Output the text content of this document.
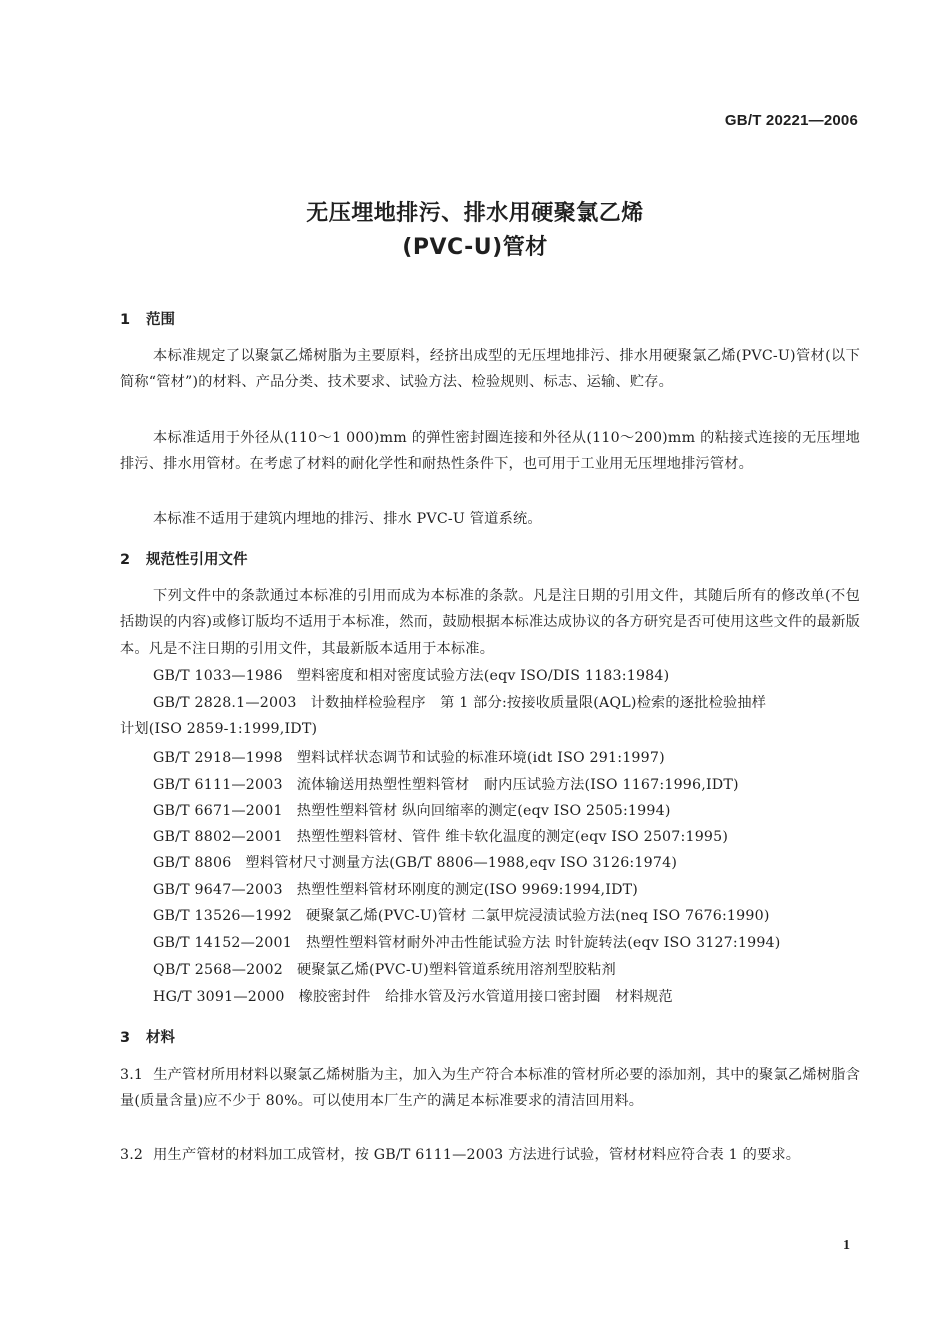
GB/T 20221—2006
无压埋地排污、排水用硬聚氯乙烯
(PVC-U)管材
1 范围
本标准规定了以聚氯乙烯树脂为主要原料，经挤出成型的无压埋地排污、排水用硬聚氯乙烯(PVC-U)管材(以下简称“管材”)的材料、产品分类、技术要求、试验方法、检验规则、标志、运输、贮存。
本标准适用于外径从(110～1 000)mm 的弹性密封圈连接和外径从(110～200)mm 的粘接式连接的无压埋地排污、排水用管材。在考虑了材料的耐化学性和耐热性条件下，也可用于工业用无压埋地排污管材。
本标准不适用于建筑内埋地的排污、排水 PVC-U 管道系统。
2 规范性引用文件
下列文件中的条款通过本标准的引用而成为本标准的条款。凡是注日期的引用文件，其随后所有的修改单(不包括勘误的内容)或修订版均不适用于本标准，然而，鼓励根据本标准达成协议的各方研究是否可使用这些文件的最新版本。凡是不注日期的引用文件，其最新版本适用于本标准。
GB/T 1033—1986 塑料密度和相对密度试验方法(eqv ISO/DIS 1183:1984)
GB/T 2828.1—2003 计数抽样检验程序　第 1 部分:按接收质量限(AQL)检索的逐批检验抽样
计划(ISO 2859-1:1999,IDT)
GB/T 2918—1998 塑料试样状态调节和试验的标准环境(idt ISO 291:1997)
GB/T 6111—2003 流体输送用热塑性塑料管材　耐内压试验方法(ISO 1167:1996,IDT)
GB/T 6671—2001 热塑性塑料管材 纵向回缩率的测定(eqv ISO 2505:1994)
GB/T 8802—2001 热塑性塑料管材、管件 维卡软化温度的测定(eqv ISO 2507:1995)
GB/T 8806 塑料管材尺寸测量方法(GB/T 8806—1988,eqv ISO 3126:1974)
GB/T 9647—2003 热塑性塑料管材环刚度的测定(ISO 9969:1994,IDT)
GB/T 13526—1992 硬聚氯乙烯(PVC-U)管材 二氯甲烷浸渍试验方法(neq ISO 7676:1990)
GB/T 14152—2001 热塑性塑料管材耐外冲击性能试验方法 时针旋转法(eqv ISO 3127:1994)
QB/T 2568—2002 硬聚氯乙烯(PVC-U)塑料管道系统用溶剂型胶粘剂
HG/T 3091—2000 橡胶密封件　给排水管及污水管道用接口密封圈　材料规范
3 材料
3.1 生产管材所用材料以聚氯乙烯树脂为主，加入为生产符合本标准的管材所必要的添加剂，其中的聚氯乙烯树脂含量(质量含量)应不少于 80%。可以使用本厂生产的满足本标准要求的清洁回用料。
3.2 用生产管材的材料加工成管材，按 GB/T 6111—2003 方法进行试验，管材材料应符合表 1 的要求。
1
